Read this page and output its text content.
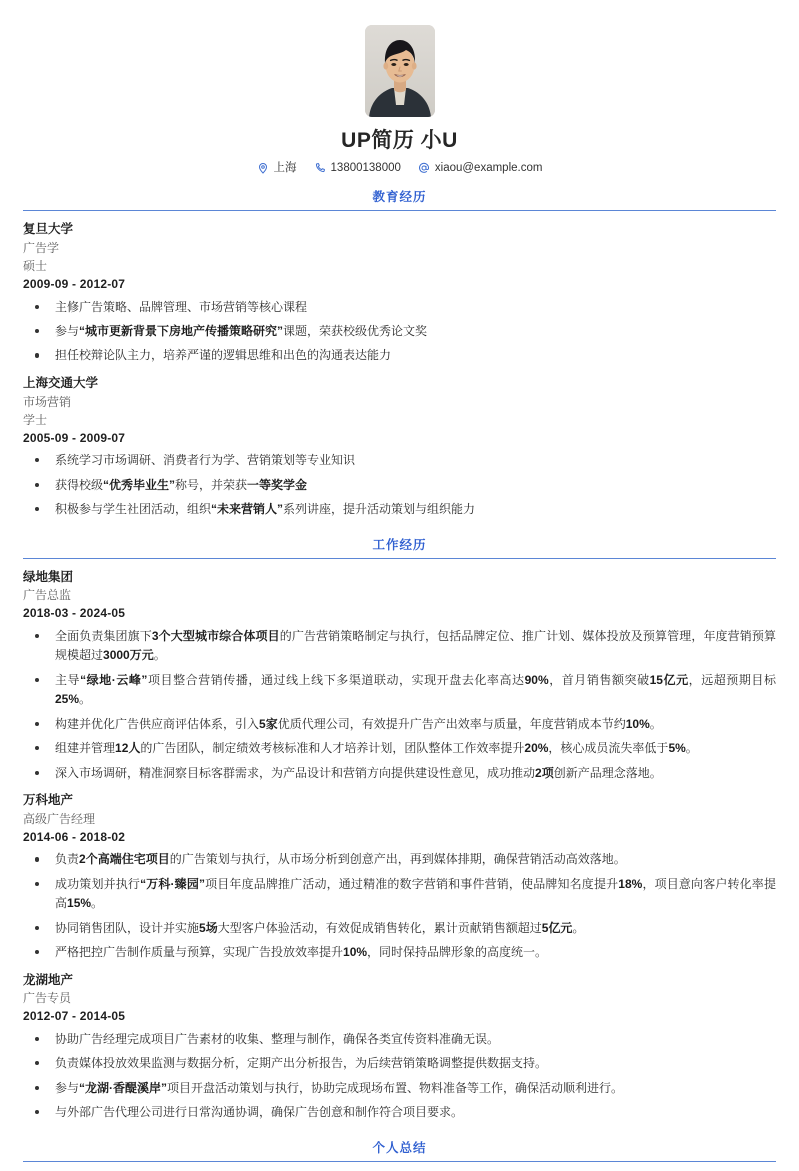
UP简历 小U
上海	13800138000	xiaou@example.com
教育经历
复旦大学
广告学
硕士
2009-09 - 2012-07
主修广告策略、品牌管理、市场营销等核心课程
参与“城市更新背景下房地产传播策略研究”课题，荣获校级优秀论文奖
担任校辩论队主力，培养严谨的逻辑思维和出色的沟通表达能力
上海交通大学
市场营销
学士
2005-09 - 2009-07
系统学习市场调研、消费者行为学、营销策划等专业知识
获得校级“优秀毕业生”称号，并荣获一等奖学金
积极参与学生社团活动，组织“未来营销人”系列讲座，提升活动策划与组织能力
工作经历
绿地集团
广告总监
2018-03 - 2024-05
全面负责集团旗下3个大型城市综合体项目的广告营销策略制定与执行，包括品牌定位、推广计划、媒体投放及预算管理，年度营销预算规模超过3000万元。
主导“绿地·云峰”项目整合营销传播，通过线上线下多渠道联动，实现开盘去化率高达90%，首月销售额突破15亿元，远超预期目标25%。
构建并优化广告供应商评估体系，引入5家优质代理公司，有效提升广告产出效率与质量，年度营销成本节约10%。
组建并管理12人的广告团队，制定绩效考核标准和人才培养计划，团队整体工作效率提升20%，核心成员流失率低于5%。
深入市场调研，精准洞察目标客群需求，为产品设计和营销方向提供建设性意见，成功推动2项创新产品理念落地。
万科地产
高级广告经理
2014-06 - 2018-02
负责2个高端住宅项目的广告策划与执行，从市场分析到创意产出，再到媒体排期，确保营销活动高效落地。
成功策划并执行“万科·臻园”项目年度品牌推广活动，通过精准的数字营销和事件营销，使品牌知名度提升18%，项目意向客户转化率提高15%。
协同销售团队，设计并实施5场大型客户体验活动，有效促成销售转化，累计贡献销售额超过5亿元。
严格把控广告制作质量与预算，实现广告投放效率提升10%，同时保持品牌形象的高度统一。
龙湖地产
广告专员
2012-07 - 2014-05
协助广告经理完成项目广告素材的收集、整理与制作，确保各类宣传资料准确无误。
负责媒体投放效果监测与数据分析，定期产出分析报告，为后续营销策略调整提供数据支持。
参与“龙湖·香醍溪岸”项目开盘活动策划与执行，协助完成现场布置、物料准备等工作，确保活动顺利进行。
与外部广告代理公司进行日常沟通协调，确保广告创意和制作符合项目要求。
个人总结
